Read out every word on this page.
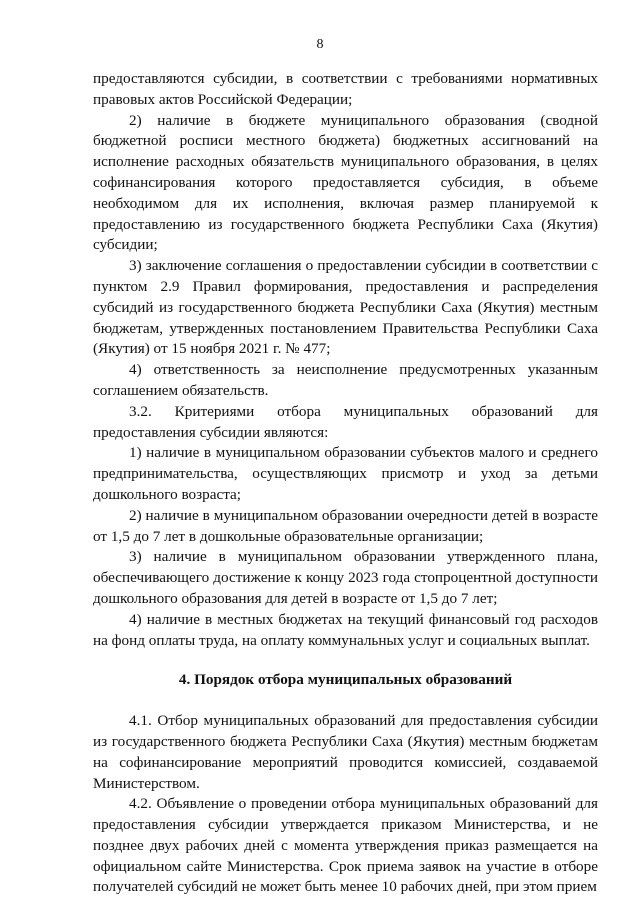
8

предоставляются субсидии, в соответствии с требованиями нормативных

правовых актов Российской Федерации;

2) наличие в бюджете муниципального образования (сводной бюджетной росписи местного бюджета) бюджетных ассигнований на исполнение расходных обязательств муниципального образования, в целях софинансирования которого предоставляется субсидия, в объеме необходимом для их исполнения, включая размер планируемой к предоставлению из государственного бюджета Республики Саха (Якутия) субсидии;

3) заключение соглашения о предоставлении субсидии в соответствии с пунктом 2.9 Правил формирования, предоставления и распределения субсидий из государственного бюджета Республики Саха (Якутия) местным бюджетам, утвержденных постановлением Правительства Республики Саха (Якутия) от 15 ноября 2021 г. № 477;

4) ответственность за неисполнение предусмотренных указанным соглашением обязательств.

3.2. Критериями отбора муниципальных образований для предоставления субсидии являются:

1) наличие в муниципальном образовании субъектов малого и среднего предпринимательства, осуществляющих присмотр и уход за детьми дошкольного возраста;

2) наличие в муниципальном образовании очередности детей в возрасте от 1,5 до 7 лет в дошкольные образовательные организации;

3) наличие в муниципальном образовании утвержденного плана, обеспечивающего достижение к концу 2023 года стопроцентной доступности дошкольного образования для детей в возрасте от 1,5 до 7 лет;

4) наличие в местных бюджетах на текущий финансовый год расходов на фонд оплаты труда, на оплату коммунальных услуг и социальных выплат.

4. Порядок отбора муниципальных образований

4.1. Отбор муниципальных образований для предоставления субсидии из государственного бюджета Республики Саха (Якутия) местным бюджетам на софинансирование мероприятий проводится комиссией, создаваемой Министерством.

4.2. Объявление о проведении отбора муниципальных образований для предоставления субсидии утверждается приказом Министерства, и не позднее двух рабочих дней с момента утверждения приказ размещается на официальном сайте Министерства. Срок приема заявок на участие в отборе получателей субсидий не может быть менее 10 рабочих дней, при этом прием
